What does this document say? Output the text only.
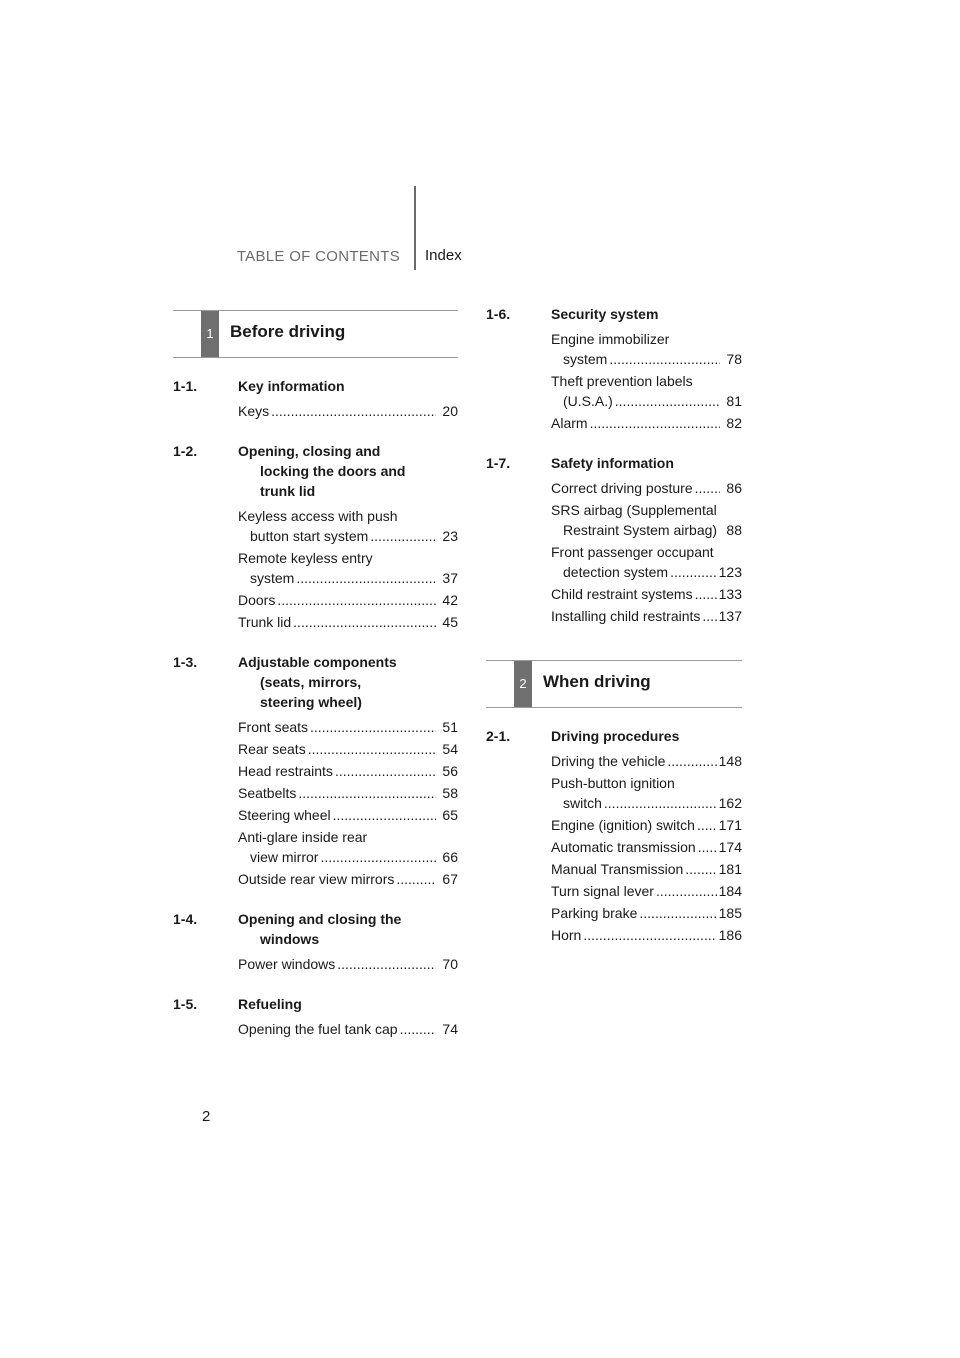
TABLE OF CONTENTS Index
1 Before driving
1-1.	Key information
Keys .....	20
1-2.	Opening, closing and
locking the doors and
trunk lid
Keyless access with push
button start system .....	23
Remote keyless entry
system .....	37
Doors .....	42
Trunk lid .....	45
1-3.	Adjustable components
(seats, mirrors,
steering wheel)
Front seats .....	51
Rear seats .....	54
Head restraints .....	56
Seatbelts .....	58
Steering wheel .....	65
Anti-glare inside rear
view mirror .....	66
Outside rear view mirrors .....	67
1-4.	Opening and closing the
windows
Power windows .....	70
1-5.	Refueling
Opening the fuel tank cap .....	74
1-6.	Security system
Engine immobilizer
system .....	78
Theft prevention labels
(U.S.A.) .....	81
Alarm .....	82
1-7.	Safety information
Correct driving posture .....	86
SRS airbag (Supplemental
Restraint System airbag) ..... 88
Front passenger occupant
detection system .....	123
Child restraint systems ..... 133
Installing child restraints ..... 137
2 When driving
2-1.	Driving procedures
Driving the vehicle .....	148
Push-button ignition
switch .....	162
Engine (ignition) switch ..... 171
Automatic transmission ..... 174
Manual Transmission .....	181
Turn signal lever .....	184
Parking brake .....	185
Horn .....	186
2
